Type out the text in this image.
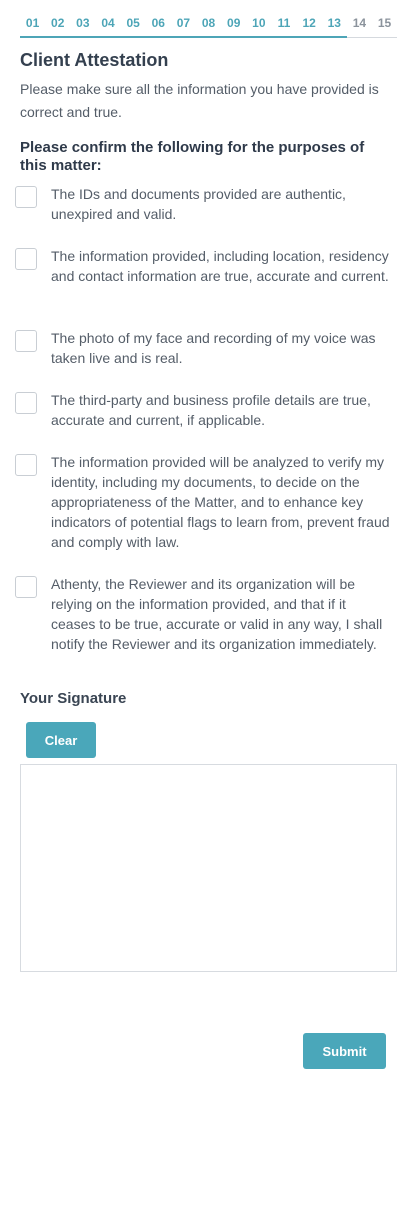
01 02 03 04 05 06 07 08 09 10	11	12 13 14 15
Client Attestation

Please make sure all the information you have provided is correct and true.

Please confirm the following for the purposes of this matter:
The IDs and documents provided are authentic, unexpired and valid.
The information provided, including location, residency and contact information are true, accurate and current.
The photo of my face and recording of my voice was taken live and is real.
The third-party and business profile details are true, accurate and current, if applicable.
The information provided will be analyzed to verify my identity, including my documents, to decide on the appropriateness of the Matter, and to enhance key indicators of potential flags to learn from, prevent fraud and comply with law.
Athenty, the Reviewer and its organization will be relying on the information provided, and that if it ceases to be true, accurate or valid in any way, I shall notify the Reviewer and its organization immediately.
Your Signature
Clear
Submit
